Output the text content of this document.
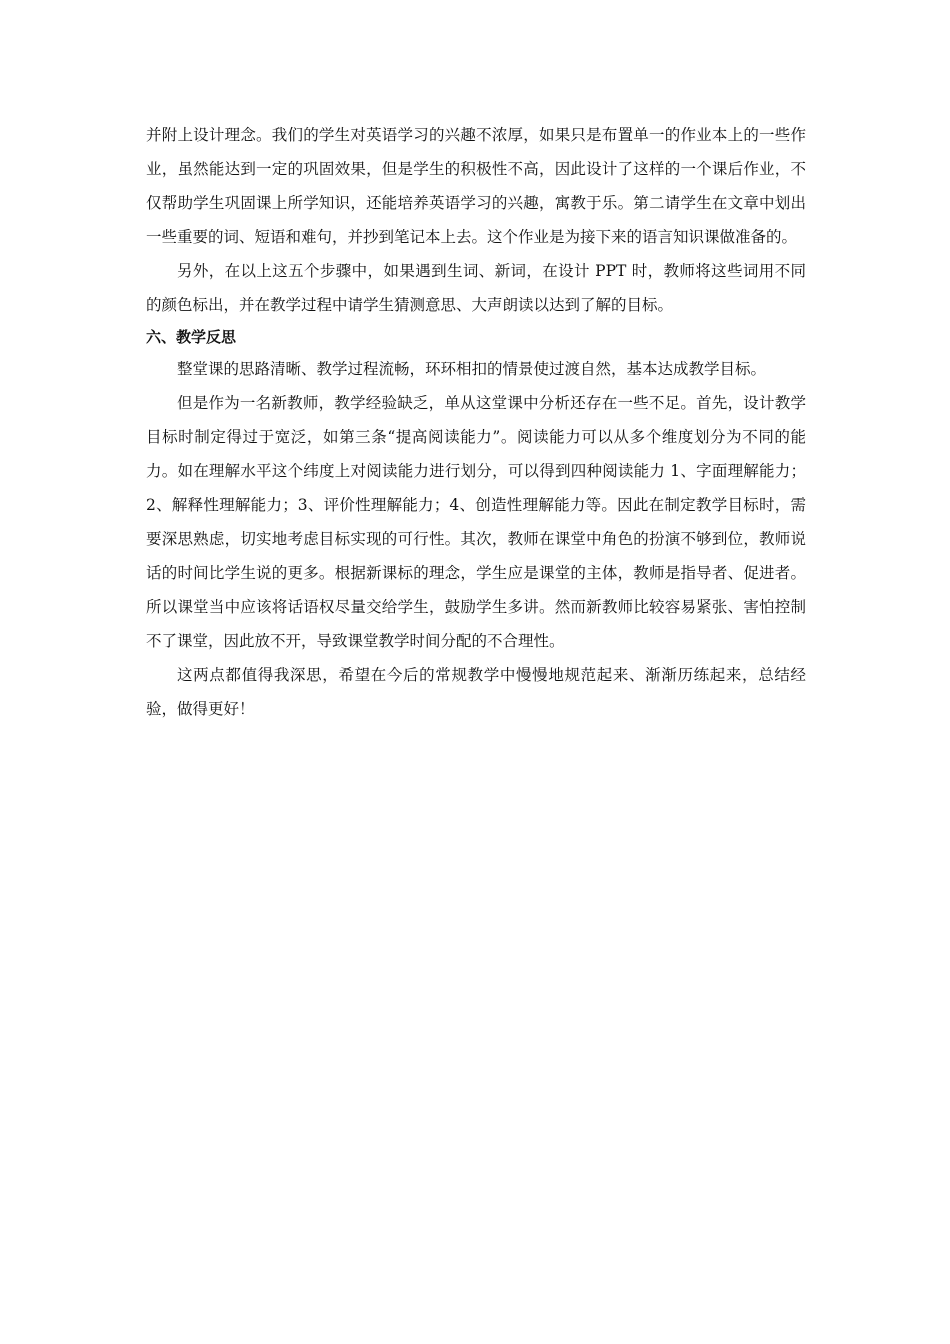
并附上设计理念。我们的学生对英语学习的兴趣不浓厚，如果只是布置单一的作业本上的一些作业，虽然能达到一定的巩固效果，但是学生的积极性不高，因此设计了这样的一个课后作业，不仅帮助学生巩固课上所学知识，还能培养英语学习的兴趣，寓教于乐。第二请学生在文章中划出一些重要的词、短语和难句，并抄到笔记本上去。这个作业是为接下来的语言知识课做准备的。

另外，在以上这五个步骤中，如果遇到生词、新词，在设计 PPT 时，教师将这些词用不同的颜色标出，并在教学过程中请学生猜测意思、大声朗读以达到了解的目标。

六、教学反思

整堂课的思路清晰、教学过程流畅，环环相扣的情景使过渡自然，基本达成教学目标。

但是作为一名新教师，教学经验缺乏，单从这堂课中分析还存在一些不足。首先，设计教学目标时制定得过于宽泛，如第三条“提高阅读能力”。阅读能力可以从多个维度划分为不同的能力。如在理解水平这个纬度上对阅读能力进行划分，可以得到四种阅读能力 1、字面理解能力；2、解释性理解能力；3、评价性理解能力；4、创造性理解能力等。因此在制定教学目标时，需要深思熟虑，切实地考虑目标实现的可行性。其次，教师在课堂中角色的扮演不够到位，教师说话的时间比学生说的更多。根据新课标的理念，学生应是课堂的主体，教师是指导者、促进者。所以课堂当中应该将话语权尽量交给学生，鼓励学生多讲。然而新教师比较容易紧张、害怕控制不了课堂，因此放不开，导致课堂教学时间分配的不合理性。

这两点都值得我深思，希望在今后的常规教学中慢慢地规范起来、渐渐历练起来，总结经验，做得更好！
